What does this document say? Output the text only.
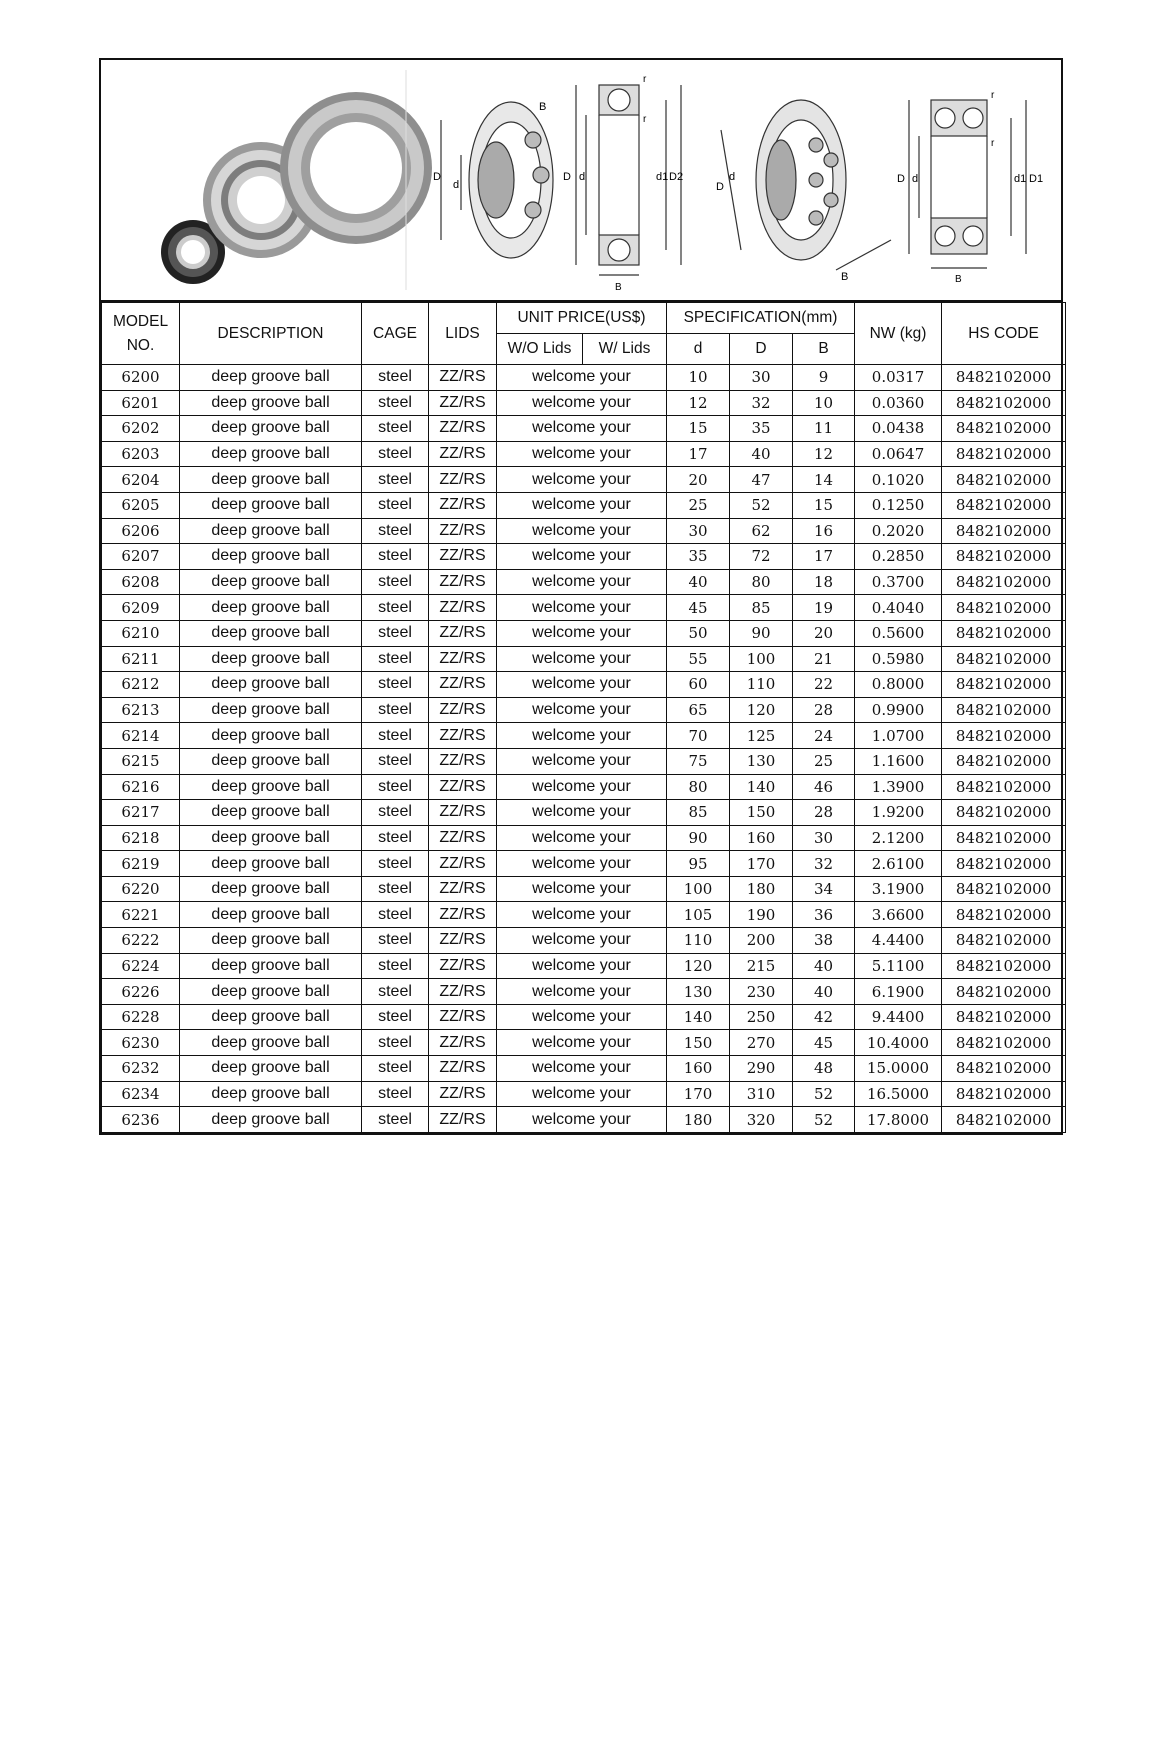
B
D
d
r
r
D d	d1 D2
B
D
d
B
r
r
D d	d1 D1
B
MODEL
NO.	DESCRIPTION	CAGE	LIDS	UNIT PRICE(US$)		SPECIFICATION(mm)			NW (kg)	HS CODE
				W/O Lids	W/ Lids	d	D	B		
6200	deep groove ball	steel	ZZ/RS	welcome your		10	30	9	0.0317	8482102000
6201	deep groove ball	steel	ZZ/RS	welcome your		12	32	10	0.0360	8482102000
6202	deep groove ball	steel	ZZ/RS	welcome your		15	35	11	0.0438	8482102000
6203	deep groove ball	steel	ZZ/RS	welcome your		17	40	12	0.0647	8482102000
6204	deep groove ball	steel	ZZ/RS	welcome your		20	47	14	0.1020	8482102000
6205	deep groove ball	steel	ZZ/RS	welcome your		25	52	15	0.1250	8482102000
6206	deep groove ball	steel	ZZ/RS	welcome your		30	62	16	0.2020	8482102000
6207	deep groove ball	steel	ZZ/RS	welcome your		35	72	17	0.2850	8482102000
6208	deep groove ball	steel	ZZ/RS	welcome your		40	80	18	0.3700	8482102000
6209	deep groove ball	steel	ZZ/RS	welcome your		45	85	19	0.4040	8482102000
6210	deep groove ball	steel	ZZ/RS	welcome your		50	90	20	0.5600	8482102000
6211	deep groove ball	steel	ZZ/RS	welcome your		55	100	21	0.5980	8482102000
6212	deep groove ball	steel	ZZ/RS	welcome your		60	110	22	0.8000	8482102000
6213	deep groove ball	steel	ZZ/RS	welcome your		65	120	28	0.9900	8482102000
6214	deep groove ball	steel	ZZ/RS	welcome your		70	125	24	1.0700	8482102000
6215	deep groove ball	steel	ZZ/RS	welcome your		75	130	25	1.1600	8482102000
6216	deep groove ball	steel	ZZ/RS	welcome your		80	140	46	1.3900	8482102000
6217	deep groove ball	steel	ZZ/RS	welcome your		85	150	28	1.9200	8482102000
6218	deep groove ball	steel	ZZ/RS	welcome your		90	160	30	2.1200	8482102000
6219	deep groove ball	steel	ZZ/RS	welcome your		95	170	32	2.6100	8482102000
6220	deep groove ball	steel	ZZ/RS	welcome your		100	180	34	3.1900	8482102000
6221	deep groove ball	steel	ZZ/RS	welcome your		105	190	36	3.6600	8482102000
6222	deep groove ball	steel	ZZ/RS	welcome your		110	200	38	4.4400	8482102000
6224	deep groove ball	steel	ZZ/RS	welcome your		120	215	40	5.1100	8482102000
6226	deep groove ball	steel	ZZ/RS	welcome your		130	230	40	6.1900	8482102000
6228	deep groove ball	steel	ZZ/RS	welcome your		140	250	42	9.4400	8482102000
6230	deep groove ball	steel	ZZ/RS	welcome your		150	270	45	10.4000	8482102000
6232	deep groove ball	steel	ZZ/RS	welcome your		160	290	48	15.0000	8482102000
6234	deep groove ball	steel	ZZ/RS	welcome your		170	310	52	16.5000	8482102000
6236	deep groove ball	steel	ZZ/RS	welcome your		180	320	52	17.8000	8482102000
